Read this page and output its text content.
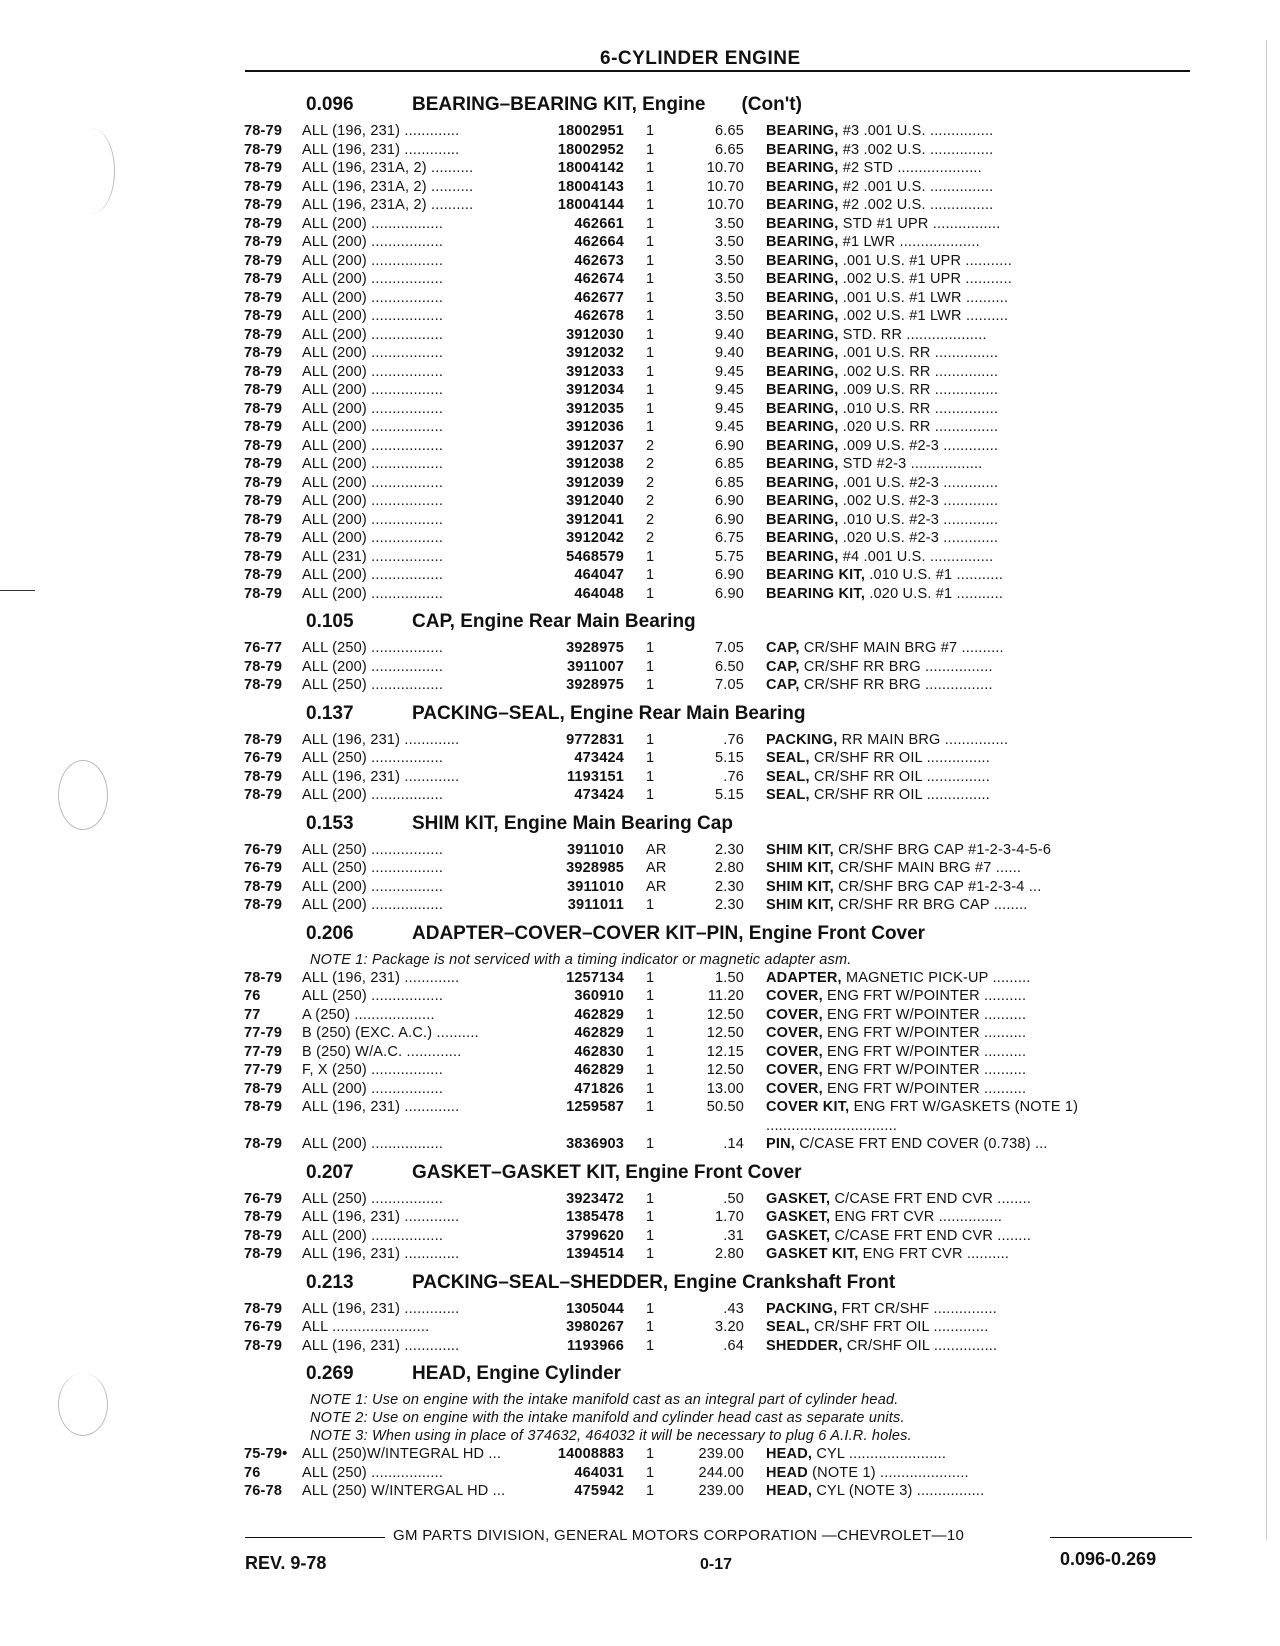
6-CYLINDER ENGINE
0.096	BEARING–BEARING KIT, Engine (Con't)
78-79	ALL (196, 231) .............	18002951	1	6.65	BEARING, #3 .001 U.S. ...............
78-79	ALL (196, 231) .............	18002952	1	6.65	BEARING, #3 .002 U.S. ...............
78-79	ALL (196, 231A, 2) ..........	18004142	1	10.70	BEARING, #2 STD ....................
78-79	ALL (196, 231A, 2) ..........	18004143	1	10.70	BEARING, #2 .001 U.S. ...............
78-79	ALL (196, 231A, 2) ..........	18004144	1	10.70	BEARING, #2 .002 U.S. ...............
78-79	ALL (200) .................	462661	1	3.50	BEARING, STD #1 UPR ................
78-79	ALL (200) .................	462664	1	3.50	BEARING, #1 LWR ...................
78-79	ALL (200) .................	462673	1	3.50	BEARING, .001 U.S. #1 UPR ...........
78-79	ALL (200) .................	462674	1	3.50	BEARING, .002 U.S. #1 UPR ...........
78-79	ALL (200) .................	462677	1	3.50	BEARING, .001 U.S. #1 LWR ..........
78-79	ALL (200) .................	462678	1	3.50	BEARING, .002 U.S. #1 LWR ..........
78-79	ALL (200) .................	3912030	1	9.40	BEARING, STD. RR ...................
78-79	ALL (200) .................	3912032	1	9.40	BEARING, .001 U.S. RR ...............
78-79	ALL (200) .................	3912033	1	9.45	BEARING, .002 U.S. RR ...............
78-79	ALL (200) .................	3912034	1	9.45	BEARING, .009 U.S. RR ...............
78-79	ALL (200) .................	3912035	1	9.45	BEARING, .010 U.S. RR ...............
78-79	ALL (200) .................	3912036	1	9.45	BEARING, .020 U.S. RR ...............
78-79	ALL (200) .................	3912037	2	6.90	BEARING, .009 U.S. #2-3 .............
78-79	ALL (200) .................	3912038	2	6.85	BEARING, STD #2-3 .................
78-79	ALL (200) .................	3912039	2	6.85	BEARING, .001 U.S. #2-3 .............
78-79	ALL (200) .................	3912040	2	6.90	BEARING, .002 U.S. #2-3 .............
78-79	ALL (200) .................	3912041	2	6.90	BEARING, .010 U.S. #2-3 .............
78-79	ALL (200) .................	3912042	2	6.75	BEARING, .020 U.S. #2-3 .............
78-79	ALL (231) .................	5468579	1	5.75	BEARING, #4 .001 U.S. ...............
78-79	ALL (200) .................	464047	1	6.90	BEARING KIT, .010 U.S. #1 ...........
78-79	ALL (200) .................	464048	1	6.90	BEARING KIT, .020 U.S. #1 ...........
0.105	CAP, Engine Rear Main Bearing
76-77	ALL (250) .................	3928975	1	7.05	CAP, CR/SHF MAIN BRG #7 ..........
78-79	ALL (200) .................	3911007	1	6.50	CAP, CR/SHF RR BRG ................
78-79	ALL (250) .................	3928975	1	7.05	CAP, CR/SHF RR BRG ................
0.137	PACKING–SEAL, Engine Rear Main Bearing
78-79	ALL (196, 231) .............	9772831	1	.76	PACKING, RR MAIN BRG ...............
76-79	ALL (250) .................	473424	1	5.15	SEAL, CR/SHF RR OIL ...............
78-79	ALL (196, 231) .............	1193151	1	.76	SEAL, CR/SHF RR OIL ...............
78-79	ALL (200) .................	473424	1	5.15	SEAL, CR/SHF RR OIL ...............
0.153	SHIM KIT, Engine Main Bearing Cap
76-79	ALL (250) .................	3911010	AR	2.30	SHIM KIT, CR/SHF BRG CAP #1-2-3-4-5-6
76-79	ALL (250) .................	3928985	AR	2.80	SHIM KIT, CR/SHF MAIN BRG #7 ......
78-79	ALL (200) .................	3911010	AR	2.30	SHIM KIT, CR/SHF BRG CAP #1-2-3-4 ...
78-79	ALL (200) .................	3911011	1	2.30	SHIM KIT, CR/SHF RR BRG CAP ........
0.206	ADAPTER–COVER–COVER KIT–PIN, Engine Front Cover
NOTE 1: Package is not serviced with a timing indicator or magnetic adapter asm.
78-79	ALL (196, 231) .............	1257134	1	1.50	ADAPTER, MAGNETIC PICK-UP .........
76	ALL (250) .................	360910	1	11.20	COVER, ENG FRT W/POINTER ..........
77	A (250) ...................	462829	1	12.50	COVER, ENG FRT W/POINTER ..........
77-79	B (250) (EXC. A.C.) ..........	462829	1	12.50	COVER, ENG FRT W/POINTER ..........
77-79	B (250) W/A.C. .............	462830	1	12.15	COVER, ENG FRT W/POINTER ..........
77-79	F, X (250) .................	462829	1	12.50	COVER, ENG FRT W/POINTER ..........
78-79	ALL (200) .................	471826	1	13.00	COVER, ENG FRT W/POINTER ..........
78-79	ALL (196, 231) .............	1259587	1	50.50	COVER KIT, ENG FRT W/GASKETS (NOTE 1) ...............................
78-79	ALL (200) .................	3836903	1	.14	PIN, C/CASE FRT END COVER (0.738) ...
0.207	GASKET–GASKET KIT, Engine Front Cover
76-79	ALL (250) .................	3923472	1	.50	GASKET, C/CASE FRT END CVR ........
78-79	ALL (196, 231) .............	1385478	1	1.70	GASKET, ENG FRT CVR ...............
78-79	ALL (200) .................	3799620	1	.31	GASKET, C/CASE FRT END CVR ........
78-79	ALL (196, 231) .............	1394514	1	2.80	GASKET KIT, ENG FRT CVR ..........
0.213	PACKING–SEAL–SHEDDER, Engine Crankshaft Front
78-79	ALL (196, 231) .............	1305044	1	.43	PACKING, FRT CR/SHF ...............
76-79	ALL .......................	3980267	1	3.20	SEAL, CR/SHF FRT OIL .............
78-79	ALL (196, 231) .............	1193966	1	.64	SHEDDER, CR/SHF OIL ...............
0.269	HEAD, Engine Cylinder
NOTE 1: Use on engine with the intake manifold cast as an integral part of cylinder head.
NOTE 2: Use on engine with the intake manifold and cylinder head cast as separate units.
NOTE 3: When using in place of 374632, 464032 it will be necessary to plug 6 A.I.R. holes.
75-79•	ALL (250)W/INTEGRAL HD ...	14008883	1	239.00	HEAD, CYL .......................
76	ALL (250) .................	464031	1	244.00	HEAD (NOTE 1) .....................
76-78	ALL (250) W/INTERGAL HD ...	475942	1	239.00	HEAD, CYL (NOTE 3) ................
GM PARTS DIVISION, GENERAL MOTORS CORPORATION —CHEVROLET—10
REV. 9-78	0-17	0.096-0.269
